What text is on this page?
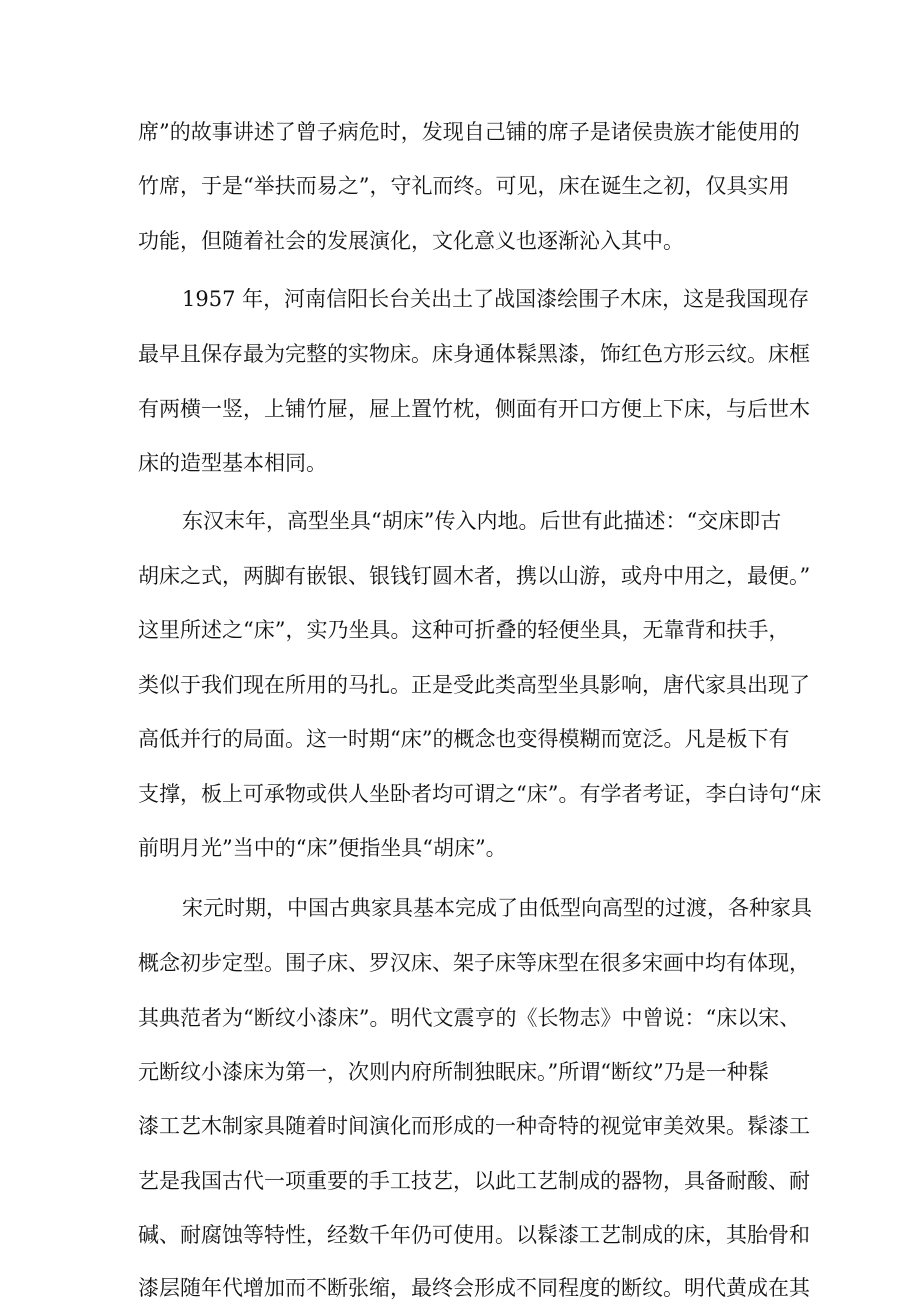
席”的故事讲述了曾子病危时，发现自己铺的席子是诸侯贵族才能使用的
竹席，于是“举扶而易之”，守礼而终。可见，床在诞生之初，仅具实用
功能，但随着社会的发展演化，文化意义也逐渐沁入其中。
1957 年，河南信阳长台关出土了战国漆绘围子木床，这是我国现存
最早且保存最为完整的实物床。床身通体髹黑漆，饰红色方形云纹。床框
有两横一竖，上铺竹屉，屉上置竹枕，侧面有开口方便上下床，与后世木
床的造型基本相同。
东汉末年，高型坐具“胡床”传入内地。后世有此描述：“交床即古
胡床之式，两脚有嵌银、银钱钉圆木者，携以山游，或舟中用之，最便。”
这里所述之“床”，实乃坐具。这种可折叠的轻便坐具，无靠背和扶手，
类似于我们现在所用的马扎。正是受此类高型坐具影响，唐代家具出现了
高低并行的局面。这一时期“床”的概念也变得模糊而宽泛。凡是板下有
支撑，板上可承物或供人坐卧者均可谓之“床”。有学者考证，李白诗句“床
前明月光”当中的“床”便指坐具“胡床”。
宋元时期，中国古典家具基本完成了由低型向高型的过渡，各种家具
概念初步定型。围子床、罗汉床、架子床等床型在很多宋画中均有体现，
其典范者为“断纹小漆床”。明代文震亨的《长物志》中曾说：“床以宋、
元断纹小漆床为第一，次则内府所制独眠床。”所谓“断纹”乃是一种髹
漆工艺木制家具随着时间演化而形成的一种奇特的视觉审美效果。髹漆工
艺是我国古代一项重要的手工技艺，以此工艺制成的器物，具备耐酸、耐
碱、耐腐蚀等特性，经数千年仍可使用。以髹漆工艺制成的床，其胎骨和
漆层随年代增加而不断张缩，最终会形成不同程度的断纹。明代黄成在其
